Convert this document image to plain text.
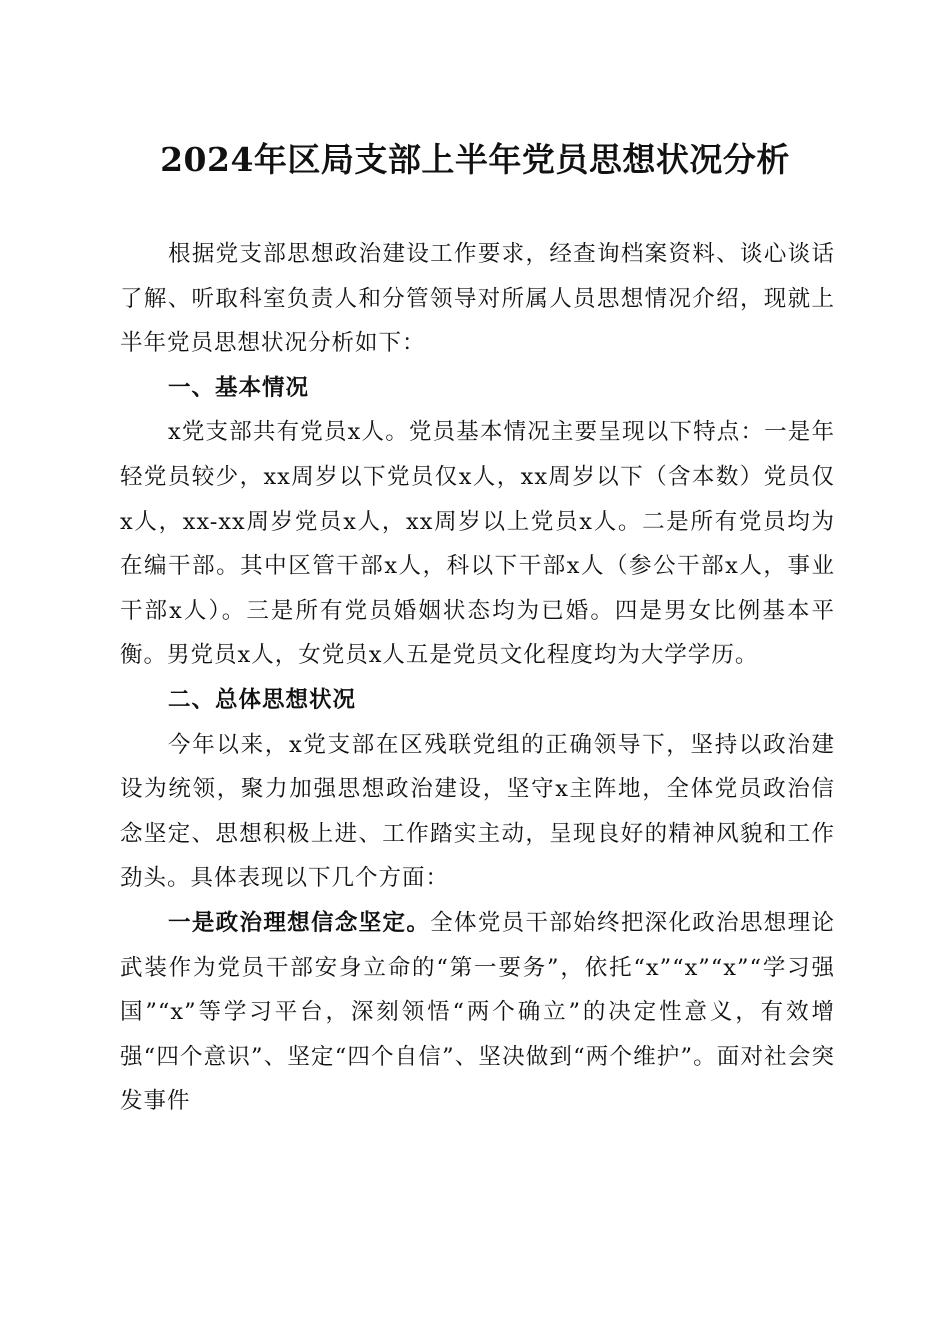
2024年区局支部上半年党员思想状况分析

根据党支部思想政治建设工作要求，经查询档案资料、谈心谈话了解、听取科室负责人和分管领导对所属人员思想情况介绍，现就上半年党员思想状况分析如下：

一、基本情况

x党支部共有党员x人。党员基本情况主要呈现以下特点：一是年轻党员较少，xx周岁以下党员仅x人，xx周岁以下（含本数）党员仅x人，xx-xx周岁党员x人，xx周岁以上党员x人。二是所有党员均为在编干部。其中区管干部x人，科以下干部x人（参公干部x人，事业干部x人）。三是所有党员婚姻状态均为已婚。四是男女比例基本平衡。男党员x人，女党员x人五是党员文化程度均为大学学历。

二、总体思想状况

今年以来，x党支部在区残联党组的正确领导下，坚持以政治建设为统领，聚力加强思想政治建设，坚守x主阵地，全体党员政治信念坚定、思想积极上进、工作踏实主动，呈现良好的精神风貌和工作劲头。具体表现以下几个方面：

一是政治理想信念坚定。全体党员干部始终把深化政治思想理论武装作为党员干部安身立命的“第一要务”，依托“x”“x”“x”“学习强国”“x”等学习平台，深刻领悟“两个确立”的决定性意义，有效增强“四个意识”、坚定“四个自信”、坚决做到“两个维护”。面对社会突发事件
